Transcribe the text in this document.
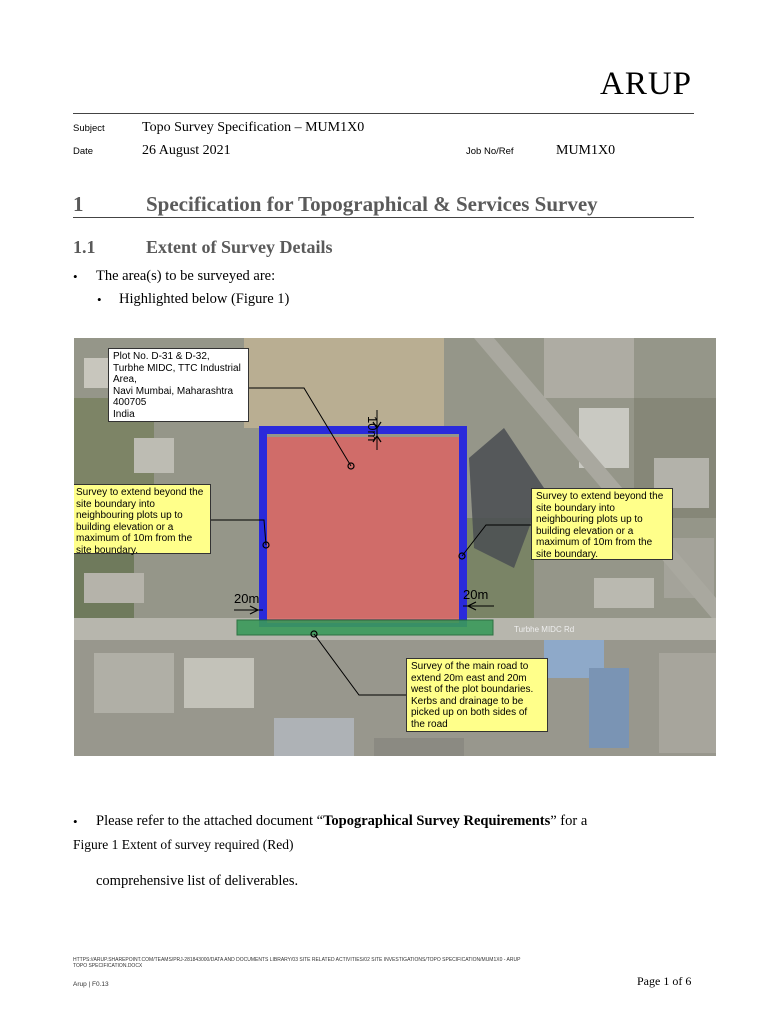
ARUP
Subject	Topo Survey Specification – MUM1X0
Date	26 August 2021	Job No/Ref	MUM1X0
1	Specification for Topographical & Services Survey
1.1	Extent of Survey Details
• The area(s) to be surveyed are:
• Highlighted below (Figure 1)
Turbhe MIDC Rd
10m
20m	20m
Plot No. D-31 & D-32,
Turbhe MIDC, TTC Industrial
Area,
Navi Mumbai, Maharashtra
400705
India
Survey to extend beyond the site boundary into neighbouring plots up to building elevation or a maximum of 10m from the site boundary.
Survey to extend beyond the site boundary into neighbouring plots up to building elevation or a maximum of 10m from the site boundary.
Survey of the main road to extend 20m east and 20m west of the plot boundaries. Kerbs and drainage to be picked up on both sides of the road
• Please refer to the attached document “Topographical Survey Requirements” for a
Figure 1 Extent of survey required (Red)
comprehensive list of deliverables.
HTTPS://ARUP.SHAREPOINT.COM/TEAMS/PRJ-281843000/DATA AND DOCUMENTS LIBRARY/03 SITE RELATED ACTIVITIES/02 SITE INVESTIGATIONS/TOPO SPECIFICATION/MUM1X0 - ARUP TOPO SPECIFICATION.DOCX
Arup | F0.13	Page 1 of 6
